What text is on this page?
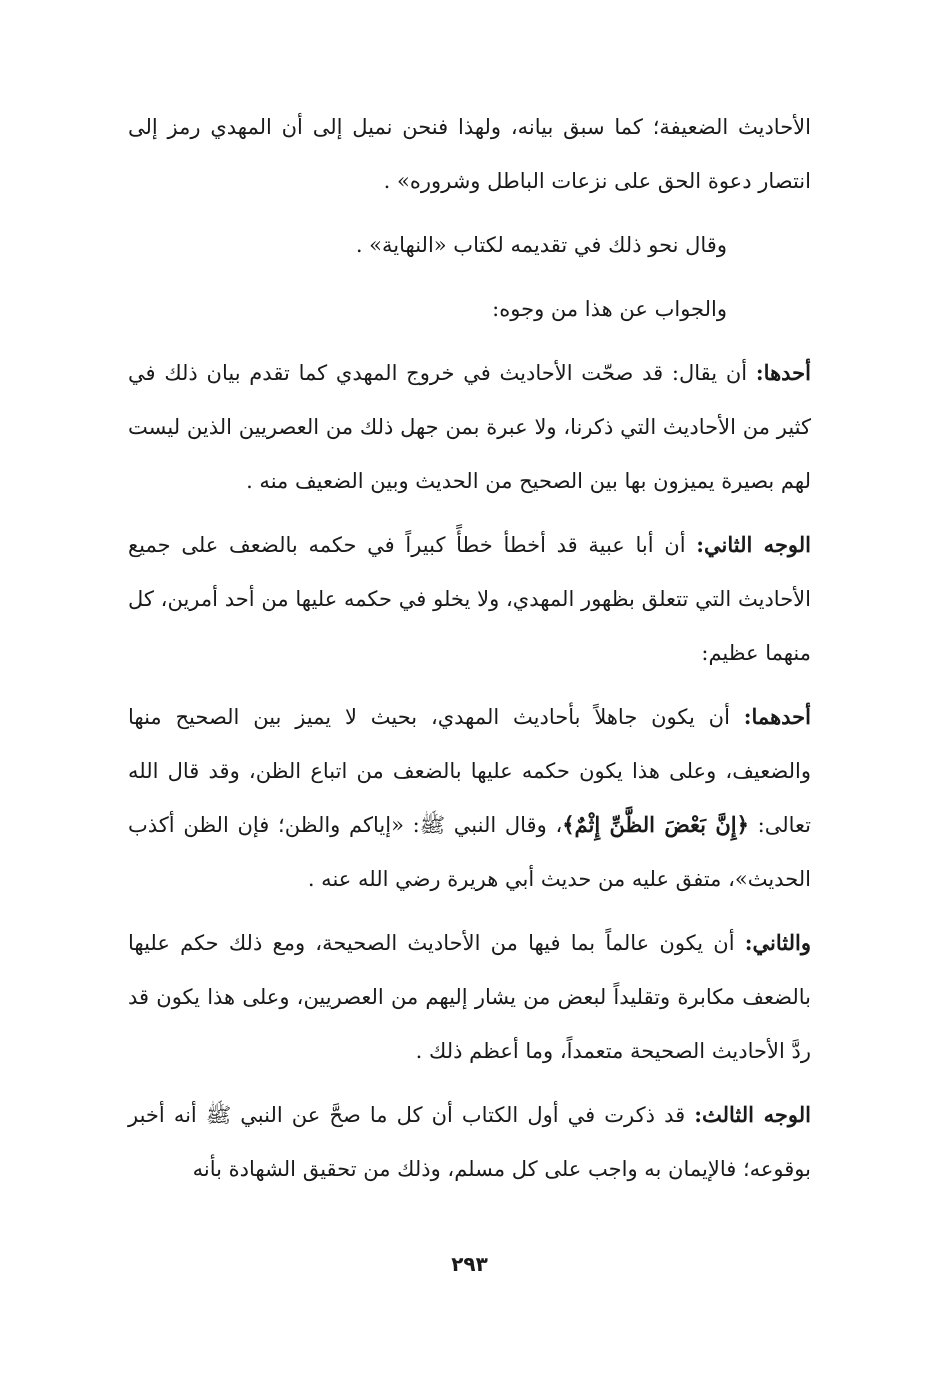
الأحاديث الضعيفة؛ كما سبق بيانه، ولهذا فنحن نميل إلى أن المهدي رمز إلى انتصار دعوة الحق على نزعات الباطل وشروره» .

وقال نحو ذلك في تقديمه لكتاب «النهاية» .

والجواب عن هذا من وجوه:

أحدها: أن يقال: قد صحّت الأحاديث في خروج المهدي كما تقدم بيان ذلك في كثير من الأحاديث التي ذكرنا، ولا عبرة بمن جهل ذلك من العصريين الذين ليست لهم بصيرة يميزون بها بين الصحيح من الحديث وبين الضعيف منه .

الوجه الثاني: أن أبا عبية قد أخطأ خطأً كبيراً في حكمه بالضعف على جميع الأحاديث التي تتعلق بظهور المهدي، ولا يخلو في حكمه عليها من أحد أمرين، كل منهما عظيم:

أحدهما: أن يكون جاهلاً بأحاديث المهدي، بحيث لا يميز بين الصحيح منها والضعيف، وعلى هذا يكون حكمه عليها بالضعف من اتباع الظن، وقد قال الله تعالى: ﴿إِنَّ بَعْضَ الظَّنِّ إِثْمٌ﴾، وقال النبي ﷺ: «إياكم والظن؛ فإن الظن أكذب الحديث»، متفق عليه من حديث أبي هريرة رضي الله عنه .

والثاني: أن يكون عالماً بما فيها من الأحاديث الصحيحة، ومع ذلك حكم عليها بالضعف مكابرة وتقليداً لبعض من يشار إليهم من العصريين، وعلى هذا يكون قد ردَّ الأحاديث الصحيحة متعمداً، وما أعظم ذلك .

الوجه الثالث: قد ذكرت في أول الكتاب أن كل ما صحَّ عن النبي ﷺ أنه أخبر بوقوعه؛ فالإيمان به واجب على كل مسلم، وذلك من تحقيق الشهادة بأنه

٢٩٣
